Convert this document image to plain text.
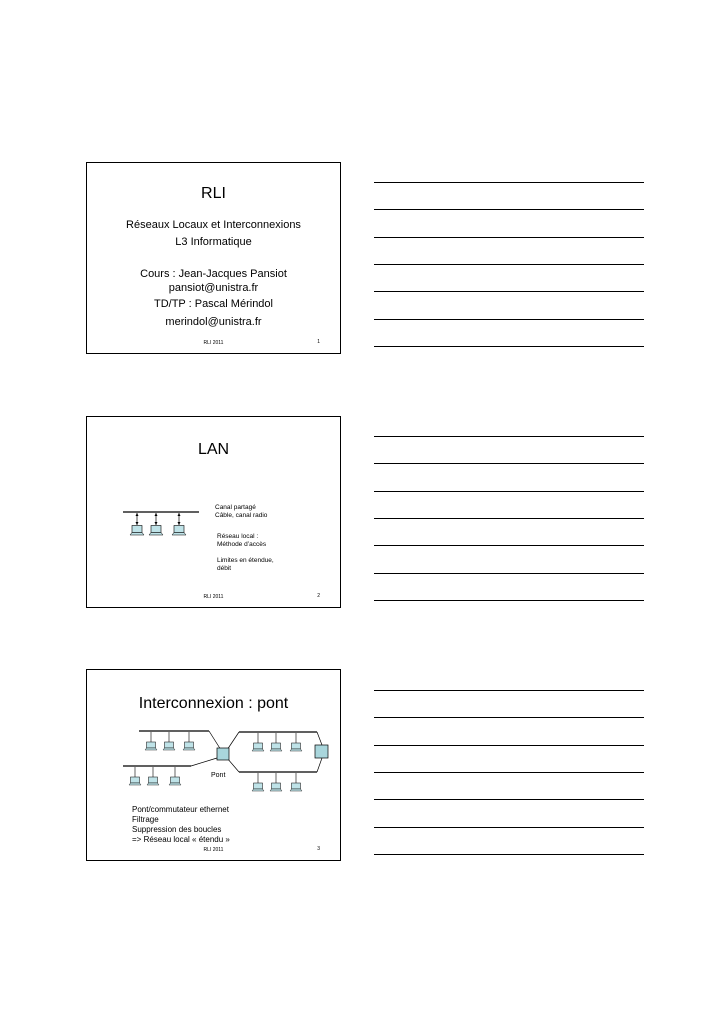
RLI
Réseaux Locaux et Interconnexions
L3 Informatique
Cours : Jean-Jacques Pansiot
pansiot@unistra.fr
TD/TP : Pascal Mérindol
merindol@unistra.fr
RLI 2011	1
LAN
Canal partagé
Câble, canal radio
Réseau local :
Méthode d’accès
Limites en étendue,
débit
RLI 2011	2
Interconnexion : pont
Pont
Pont/commutateur ethernet
Filtrage
Suppression des boucles
=> Réseau local « étendu »
RLI 2011	3
